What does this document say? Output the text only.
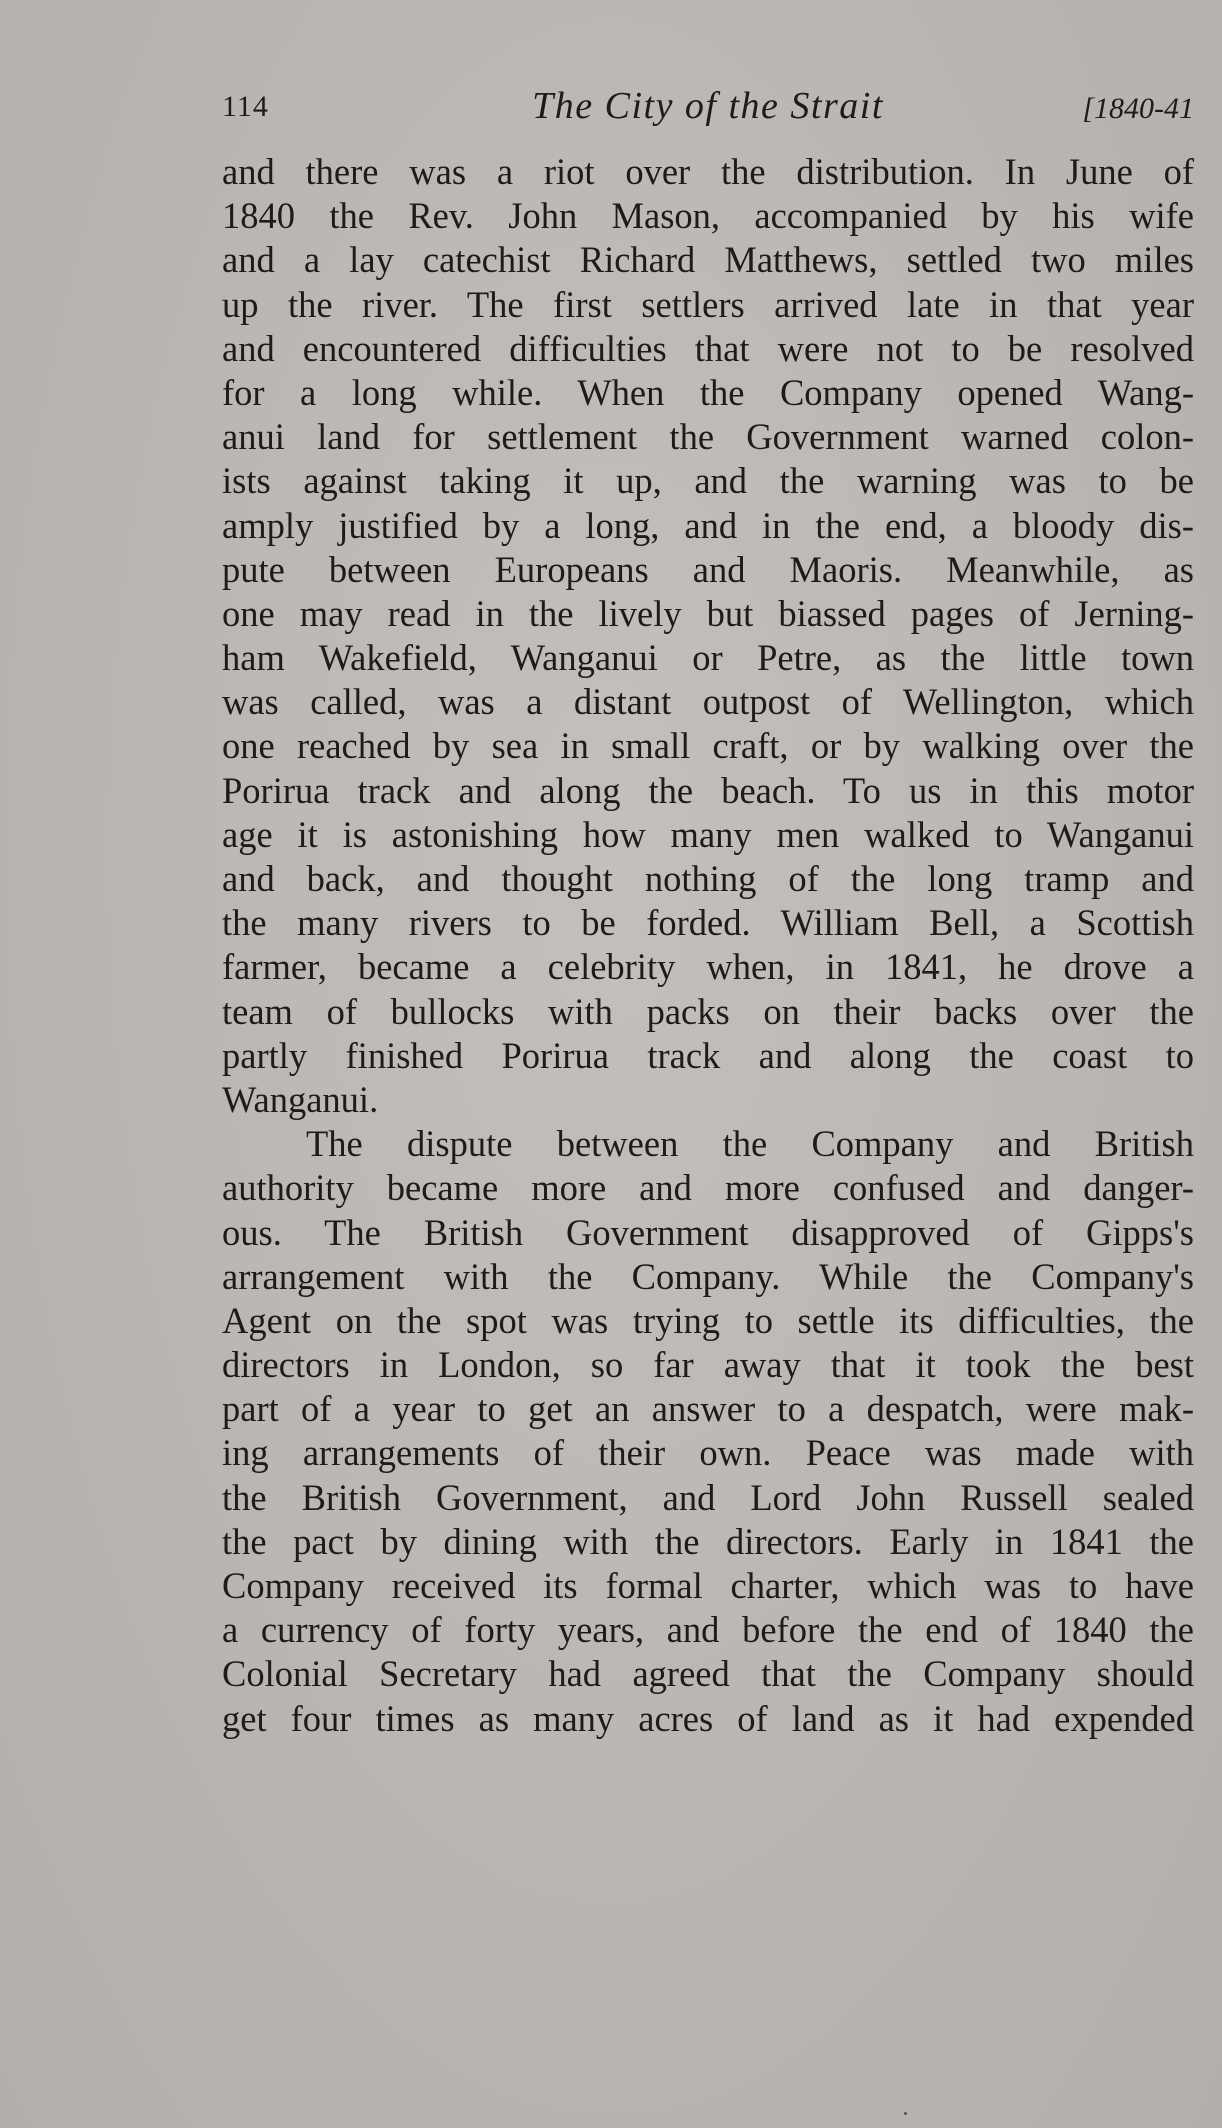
114	The City of the Strait	[1840-41
and there was a riot over the distribution. In June of
1840 the Rev. John Mason, accompanied by his wife
and a lay catechist Richard Matthews, settled two miles
up the river. The first settlers arrived late in that year
and encountered difficulties that were not to be resolved
for a long while. When the Company opened Wang-
anui land for settlement the Government warned colon-
ists against taking it up, and the warning was to be
amply justified by a long, and in the end, a bloody dis-
pute between Europeans and Maoris. Meanwhile, as
one may read in the lively but biassed pages of Jerning-
ham Wakefield, Wanganui or Petre, as the little town
was called, was a distant outpost of Wellington, which
one reached by sea in small craft, or by walking over the
Porirua track and along the beach. To us in this motor
age it is astonishing how many men walked to Wanganui
and back, and thought nothing of the long tramp and
the many rivers to be forded. William Bell, a Scottish
farmer, became a celebrity when, in 1841, he drove a
team of bullocks with packs on their backs over the
partly finished Porirua track and along the coast to
Wanganui.
The dispute between the Company and British
authority became more and more confused and danger-
ous. The British Government disapproved of Gipps's
arrangement with the Company. While the Company's
Agent on the spot was trying to settle its difficulties, the
directors in London, so far away that it took the best
part of a year to get an answer to a despatch, were mak-
ing arrangements of their own. Peace was made with
the British Government, and Lord John Russell sealed
the pact by dining with the directors. Early in 1841 the
Company received its formal charter, which was to have
a currency of forty years, and before the end of 1840 the
Colonial Secretary had agreed that the Company should
get four times as many acres of land as it had expended
